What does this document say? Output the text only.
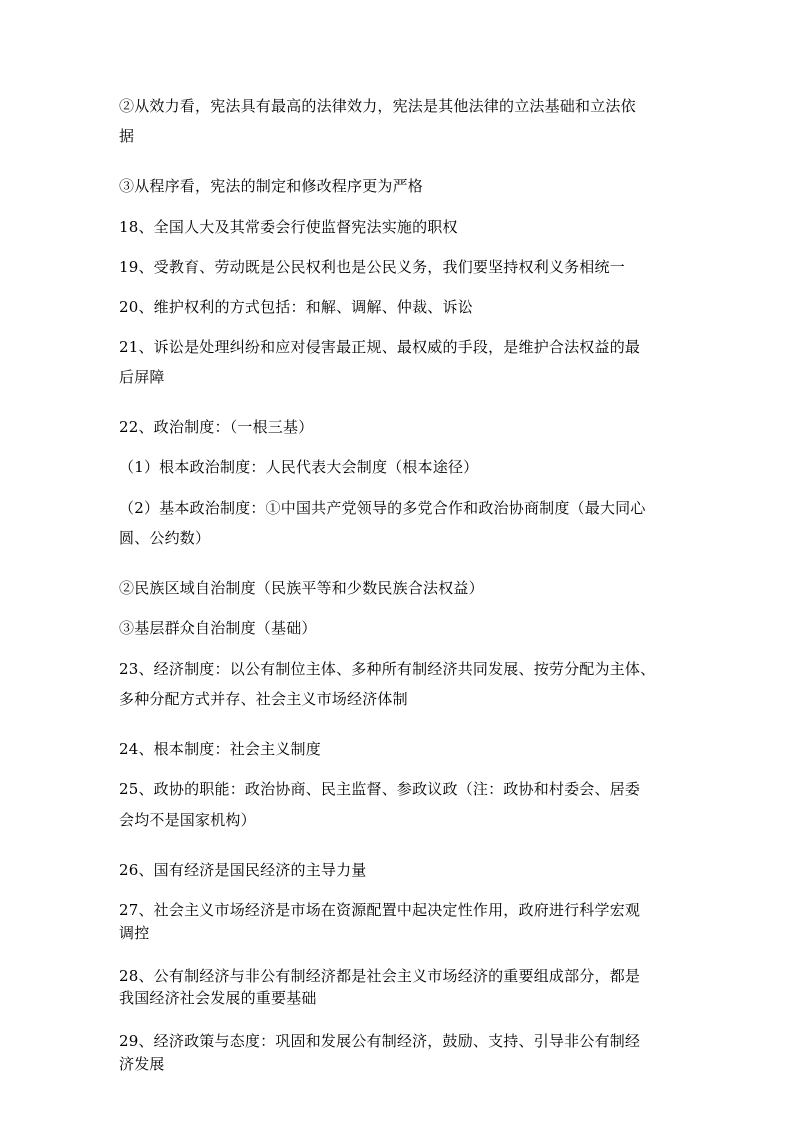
②从效力看，宪法具有最高的法律效力，宪法是其他法律的立法基础和立法依
据
③从程序看，宪法的制定和修改程序更为严格
18、全国人大及其常委会行使监督宪法实施的职权
19、受教育、劳动既是公民权利也是公民义务，我们要坚持权利义务相统一
20、维护权利的方式包括：和解、调解、仲裁、诉讼
21、诉讼是处理纠纷和应对侵害最正规、最权威的手段，是维护合法权益的最
后屏障
22、政治制度：（一根三基）
（1）根本政治制度：人民代表大会制度（根本途径）
（2）基本政治制度：①中国共产党领导的多党合作和政治协商制度（最大同心
圆、公约数）
②民族区域自治制度（民族平等和少数民族合法权益）
③基层群众自治制度（基础）
23、经济制度：以公有制位主体、多种所有制经济共同发展、按劳分配为主体、
多种分配方式并存、社会主义市场经济体制
24、根本制度：社会主义制度
25、政协的职能：政治协商、民主监督、参政议政（注：政协和村委会、居委
会均不是国家机构）
26、国有经济是国民经济的主导力量
27、社会主义市场经济是市场在资源配置中起决定性作用，政府进行科学宏观
调控
28、公有制经济与非公有制经济都是社会主义市场经济的重要组成部分，都是
我国经济社会发展的重要基础
29、经济政策与态度：巩固和发展公有制经济，鼓励、支持、引导非公有制经
济发展
